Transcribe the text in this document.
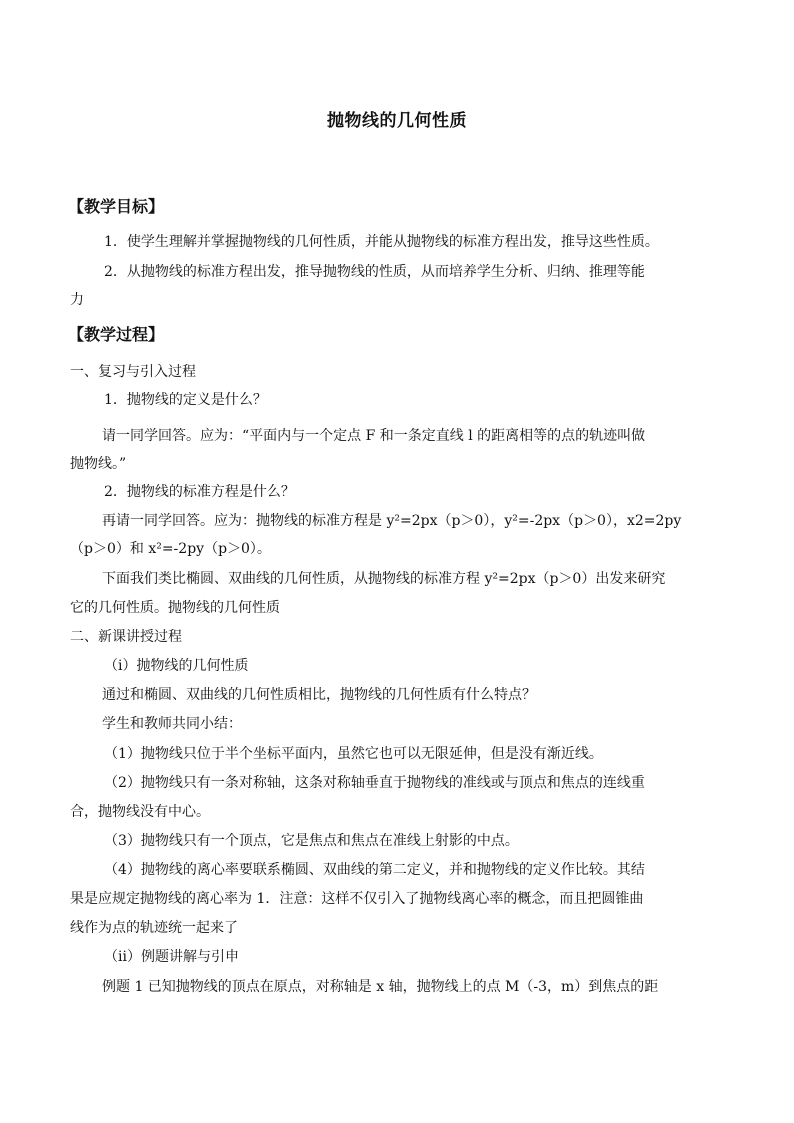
抛物线的几何性质
【教学目标】
1．使学生理解并掌握抛物线的几何性质，并能从抛物线的标准方程出发，推导这些性质。
2．从抛物线的标准方程出发，推导抛物线的性质，从而培养学生分析、归纳、推理等能
力
【教学过程】
一、复习与引入过程
1．抛物线的定义是什么？
请一同学回答。应为：“平面内与一个定点 F 和一条定直线 l 的距离相等的点的轨迹叫做
抛物线。”
2．抛物线的标准方程是什么？
再请一同学回答。应为：抛物线的标准方程是 y²=2px（p＞0），y²=-2px（p＞0），x2=2py
（p＞0）和 x²=-2py（p＞0）。
下面我们类比椭圆、双曲线的几何性质，从抛物线的标准方程 y²=2px（p＞0）出发来研究
它的几何性质。抛物线的几何性质
二、新课讲授过程
（i）抛物线的几何性质
通过和椭圆、双曲线的几何性质相比，抛物线的几何性质有什么特点？
学生和教师共同小结：
（1）抛物线只位于半个坐标平面内，虽然它也可以无限延伸，但是没有渐近线。
（2）抛物线只有一条对称轴，这条对称轴垂直于抛物线的准线或与顶点和焦点的连线重
合，抛物线没有中心。
（3）抛物线只有一个顶点，它是焦点和焦点在准线上射影的中点。
（4）抛物线的离心率要联系椭圆、双曲线的第二定义，并和抛物线的定义作比较。其结
果是应规定抛物线的离心率为 1．注意：这样不仅引入了抛物线离心率的概念，而且把圆锥曲
线作为点的轨迹统一起来了
（ii）例题讲解与引申
例题 1 已知抛物线的顶点在原点，对称轴是 x 轴，抛物线上的点 M（-3，m）到焦点的距
